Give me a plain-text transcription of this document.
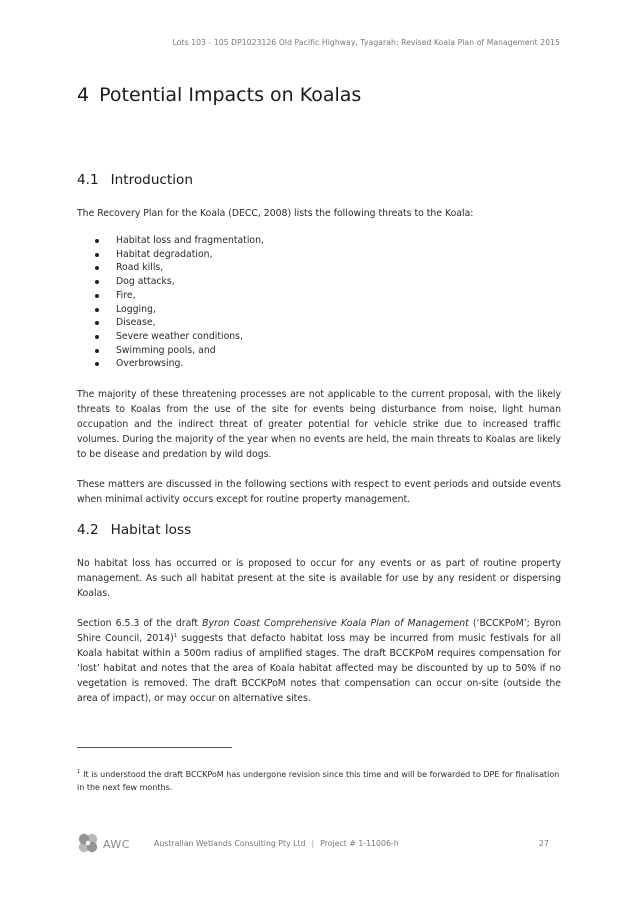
Lots 103 - 105 DP1023126 Old Pacific Highway, Tyagarah: Revised Koala Plan of Management 2015
4 Potential Impacts on Koalas
4.1 Introduction

The Recovery Plan for the Koala (DECC, 2008) lists the following threats to the Koala:

Habitat loss and fragmentation,
Habitat degradation,
Road kills,
Dog attacks,
Fire,
Logging,
Disease,
Severe weather conditions,
Swimming pools, and
Overbrowsing.

The majority of these threatening processes are not applicable to the current proposal, with the likely threats to Koalas from the use of the site for events being disturbance from noise, light human occupation and the indirect threat of greater potential for vehicle strike due to increased traffic volumes. During the majority of the year when no events are held, the main threats to Koalas are likely to be disease and predation by wild dogs.

These matters are discussed in the following sections with respect to event periods and outside events when minimal activity occurs except for routine property management.

4.2 Habitat loss

No habitat loss has occurred or is proposed to occur for any events or as part of routine property management. As such all habitat present at the site is available for use by any resident or dispersing Koalas.

Section 6.5.3 of the draft Byron Coast Comprehensive Koala Plan of Management (‘BCCKPoM’; Byron Shire Council, 2014)$^1$ suggests that defacto habitat loss may be incurred from music festivals for all Koala habitat within a 500m radius of amplified stages. The draft BCCKPoM requires compensation for ‘lost’ habitat and notes that the area of Koala habitat affected may be discounted by up to 50% if no vegetation is removed. The draft BCCKPoM notes that compensation can occur on-site (outside the area of impact), or may occur on alternative sites.

$^1$ It is understood the draft BCCKPoM has undergone revision since this time and will be forwarded to DPE for finalisation in the next few months.

AWC	Australian Wetlands Consulting Pty Ltd | Project # 1-11006-h	27
